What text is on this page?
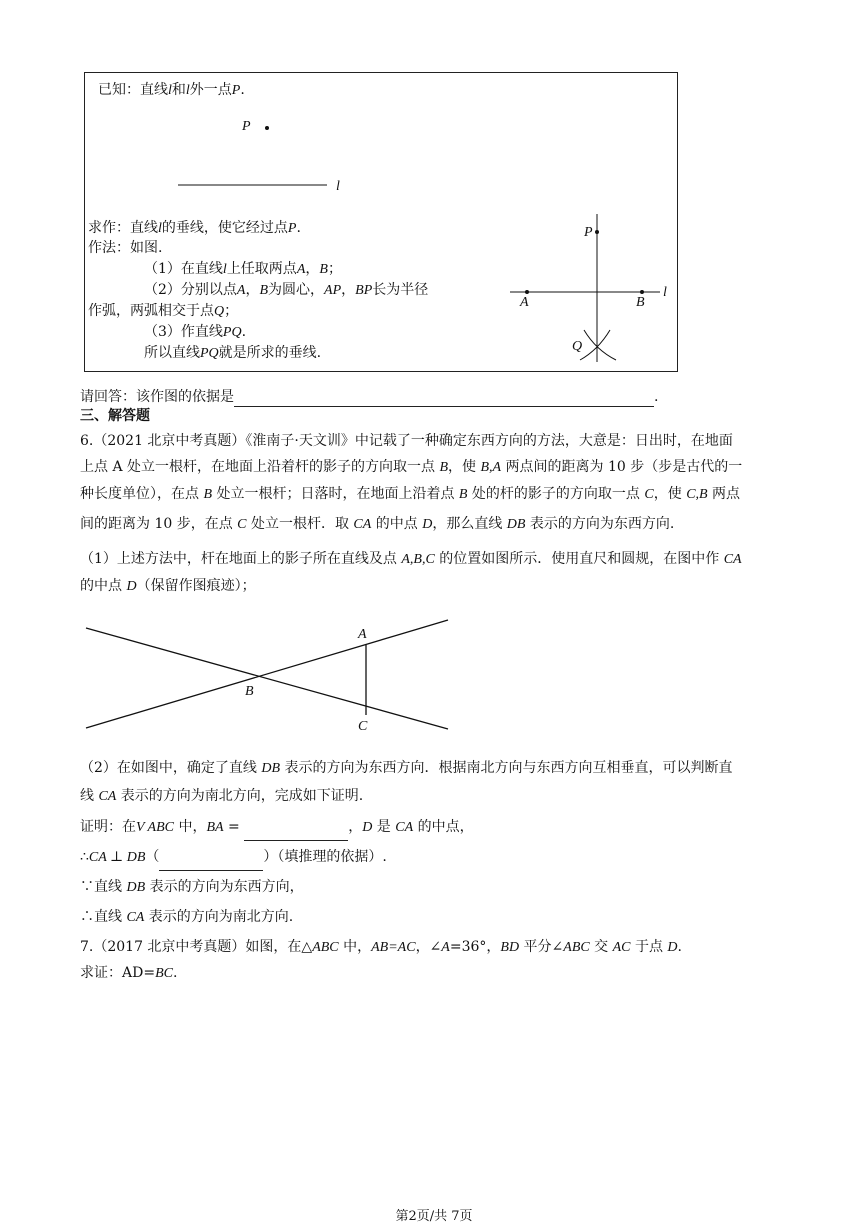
已知：直线l和l外一点P.
P
l
求作：直线l的垂线，使它经过点P.
作法：如图.
（1）在直线l上任取两点A，B；
（2）分别以点A，B为圆心，AP，BP长为半径
作弧，两弧相交于点Q；
（3）作直线PQ.
所以直线PQ就是所求的垂线.
l
P
A	B
Q
请回答：该作图的依据是	.
三、解答题
6.（2021 北京中考真题）《淮南子·天文训》中记载了一种确定东西方向的方法，大意是：日出时，在地面
上点 A 处立一根杆，在地面上沿着杆的影子的方向取一点 B，使 B,A 两点间的距离为 10 步（步是古代的一
种长度单位），在点 B 处立一根杆；日落时，在地面上沿着点 B 处的杆的影子的方向取一点 C，使 C,B 两点
间的距离为 10 步，在点 C 处立一根杆．取 CA 的中点 D，那么直线 DB 表示的方向为东西方向.
（1）上述方法中，杆在地面上的影子所在直线及点 A,B,C 的位置如图所示．使用直尺和圆规，在图中作 CA
的中点 D（保留作图痕迹）；
A
B
C
（2）在如图中，确定了直线 DB 表示的方向为东西方向．根据南北方向与东西方向互相垂直，可以判断直
线 CA 表示的方向为南北方向，完成如下证明.
证明：在V ABC 中，BA =	，D 是 CA 的中点，
∴CA ⊥ DB（	）（填推理的依据）.
∵直线 DB 表示的方向为东西方向，
∴直线 CA 表示的方向为南北方向.
7.（2017 北京中考真题）如图，在△ABC 中，AB=AC，∠A=36°，BD 平分∠ABC 交 AC 于点 D.
求证：AD=BC.
第2页/共 7页
